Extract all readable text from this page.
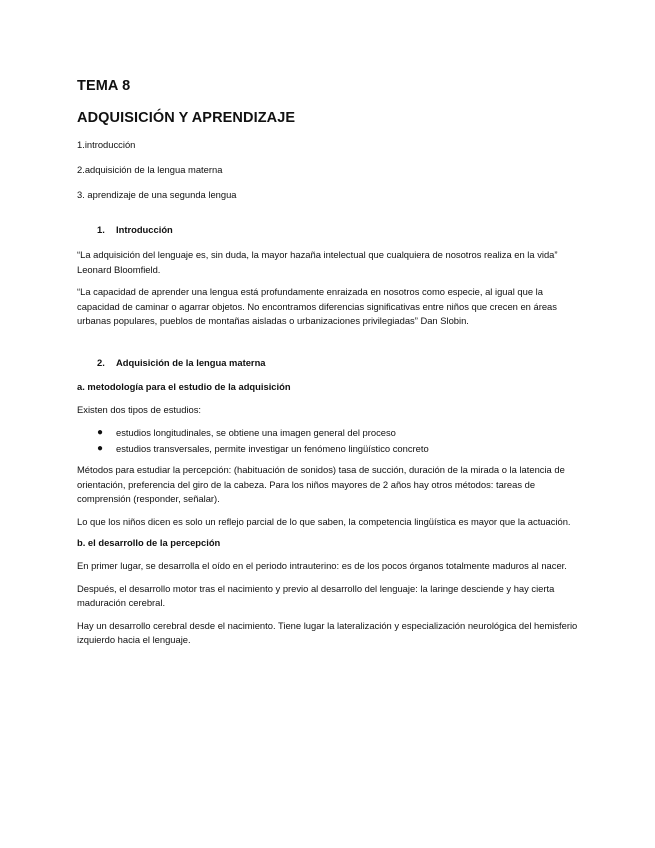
TEMA 8
ADQUISICIÓN Y APRENDIZAJE

1.introducción

2.adquisición de la lengua materna

3. aprendizaje de una segunda lengua

1. Introducción

“La adquisición del lenguaje es, sin duda, la mayor hazaña intelectual que cualquiera de nosotros realiza en la vida” Leonard Bloomfield.

“La capacidad de aprender una lengua está profundamente enraizada en nosotros como especie, al igual que la capacidad de caminar o agarrar objetos. No encontramos diferencias significativas entre niños que crecen en áreas urbanas populares, pueblos de montañas aisladas o urbanizaciones privilegiadas” Dan Slobin.

2. Adquisición de la lengua materna
a. metodología para el estudio de la adquisición

Existen dos tipos de estudios:

● estudios longitudinales, se obtiene una imagen general del proceso
● estudios transversales, permite investigar un fenómeno lingüístico concreto

Métodos para estudiar la percepción: (habituación de sonidos) tasa de succión, duración de la mirada o la latencia de orientación, preferencia del giro de la cabeza. Para los niños mayores de 2 años hay otros métodos: tareas de comprensión (responder, señalar).

Lo que los niños dicen es solo un reflejo parcial de lo que saben, la competencia lingüística es mayor que la actuación.

b. el desarrollo de la percepción

En primer lugar, se desarrolla el oído en el periodo intrauterino: es de los pocos órganos totalmente maduros al nacer.

Después, el desarrollo motor tras el nacimiento y previo al desarrollo del lenguaje: la laringe desciende y hay cierta maduración cerebral.

Hay un desarrollo cerebral desde el nacimiento. Tiene lugar la lateralización y especialización neurológica del hemisferio izquierdo hacia el lenguaje.
